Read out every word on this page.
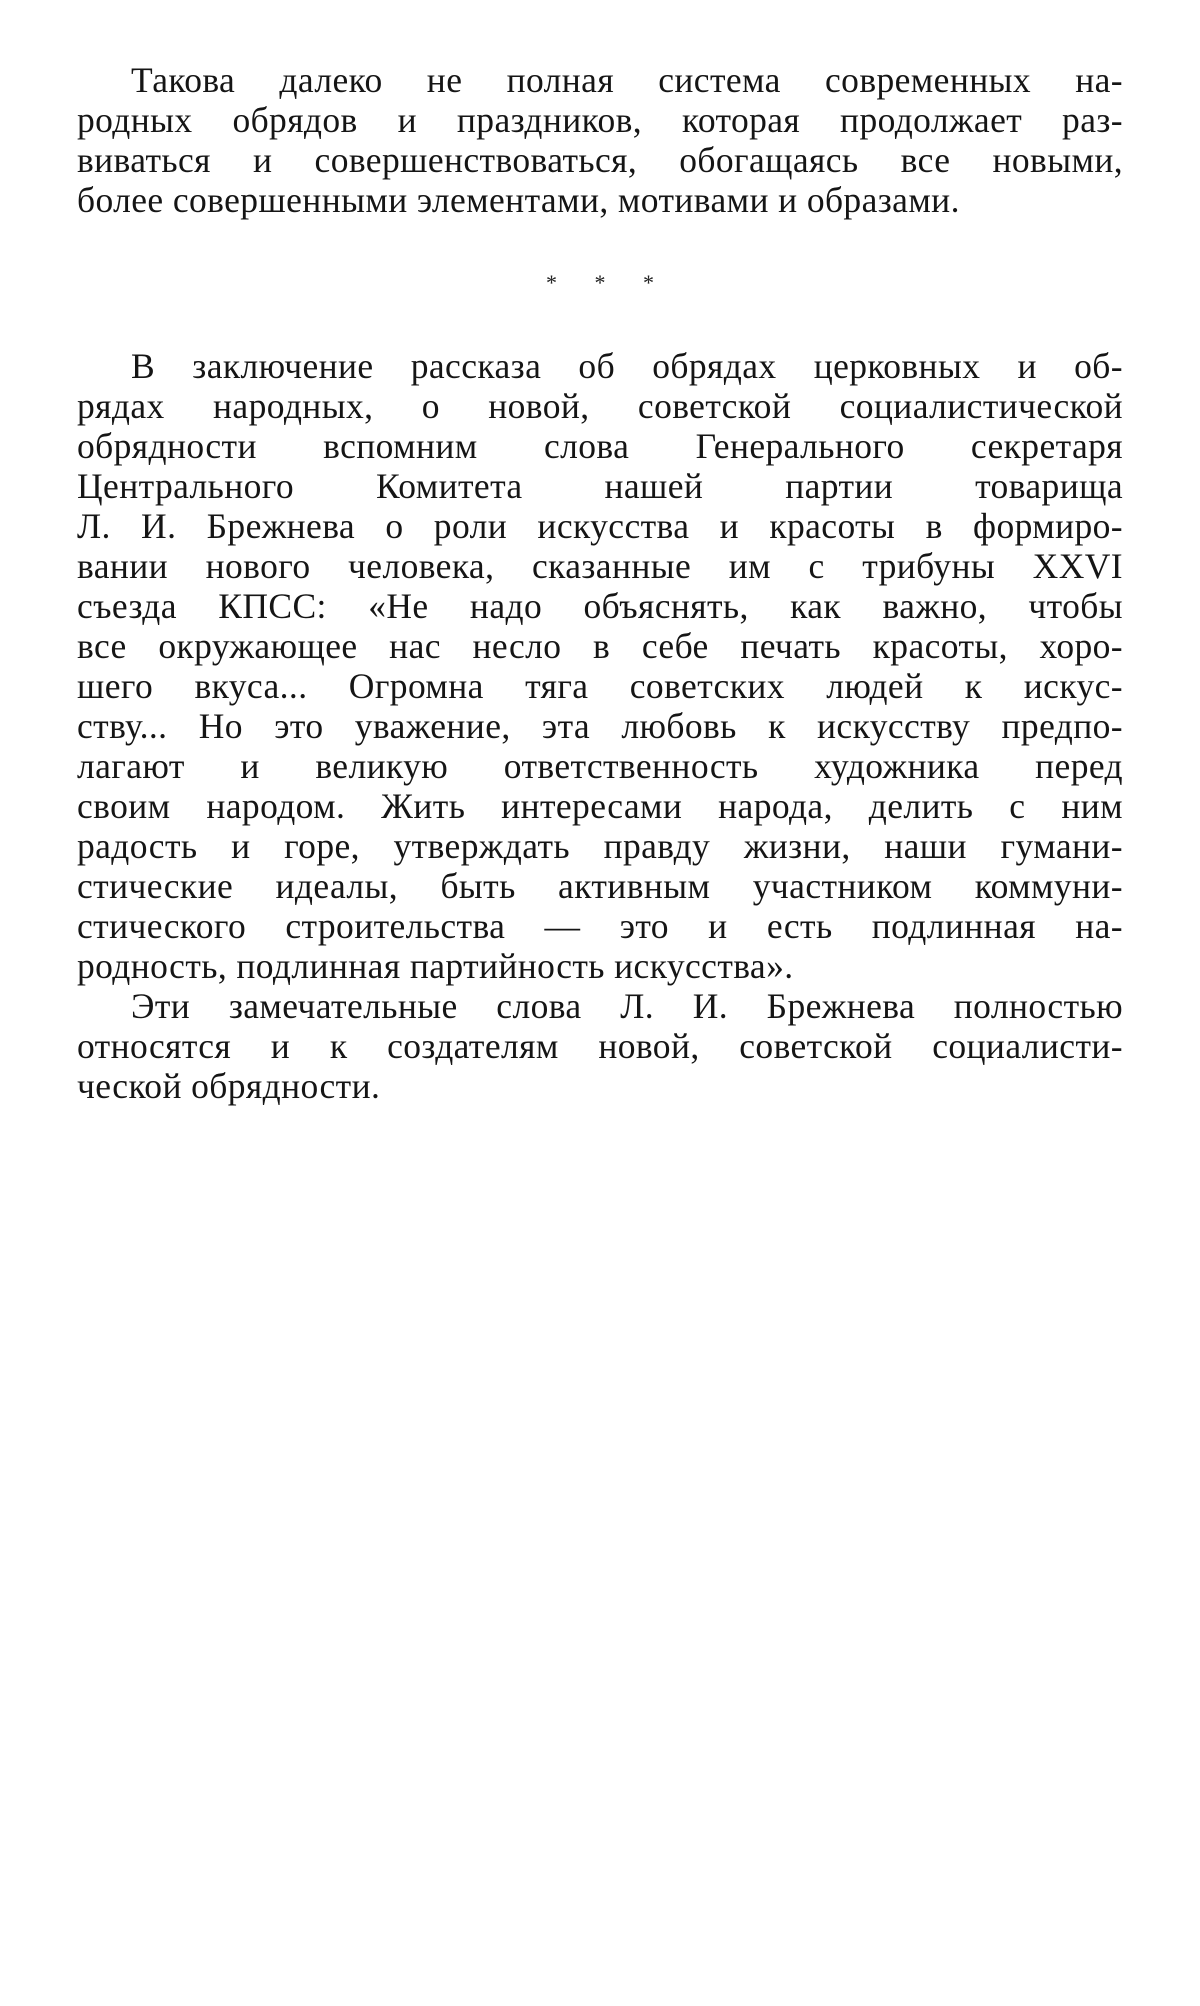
Такова далеко не полная система современных на-
родных обрядов и праздников, которая продолжает раз-
виваться и совершенствоваться, обогащаясь все новыми,
более совершенными элементами, мотивами и образами.

* * *

В заключение рассказа об обрядах церковных и об-
рядах народных, о новой, советской социалистической
обрядности вспомним слова Генерального секретаря
Центрального Комитета нашей партии товарища
Л. И. Брежнева о роли искусства и красоты в формиро-
вании нового человека, сказанные им с трибуны XXVI
съезда КПСС: «Не надо объяснять, как важно, чтобы
все окружающее нас несло в себе печать красоты, хоро-
шего вкуса... Огромна тяга советских людей к искус-
ству... Но это уважение, эта любовь к искусству предпо-
лагают и великую ответственность художника перед
своим народом. Жить интересами народа, делить с ним
радость и горе, утверждать правду жизни, наши гумани-
стические идеалы, быть активным участником коммуни-
стического строительства — это и есть подлинная на-
родность, подлинная партийность искусства».

Эти замечательные слова Л. И. Брежнева полностью
относятся и к создателям новой, советской социалисти-
ческой обрядности.
